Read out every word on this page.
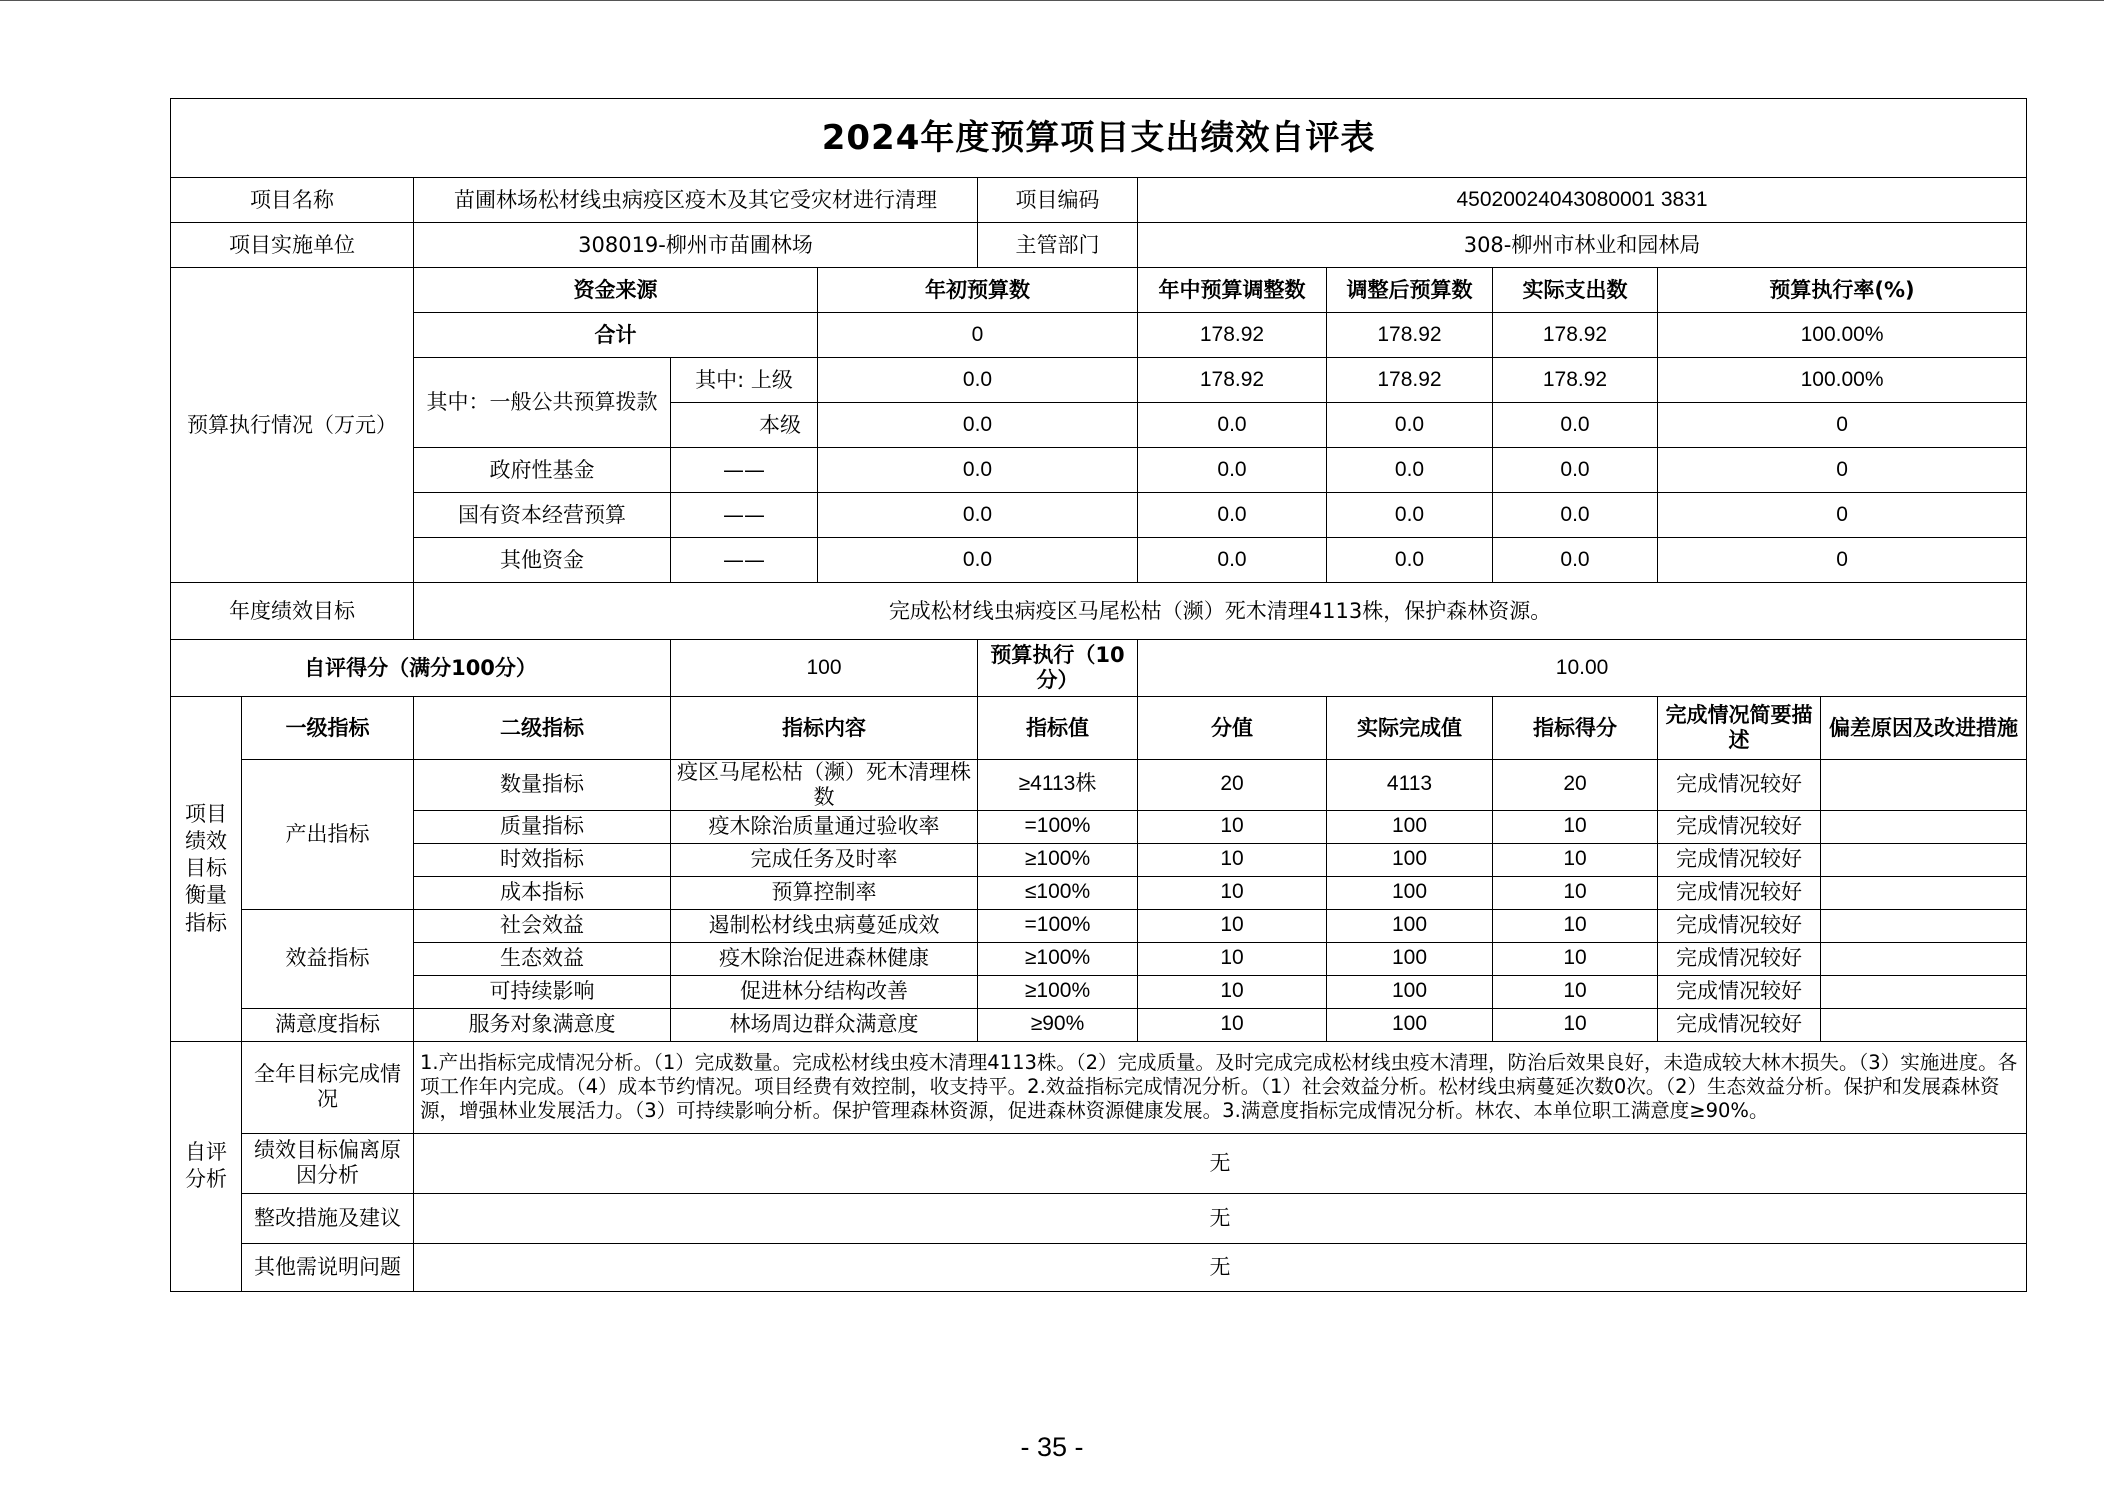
2024年度预算项目支出绩效自评表										
项目名称		苗圃林场松材线虫病疫区疫木及其它受灾材进行清理			项目编码	45020024043080001 3831				
项目实施单位		308019-柳州市苗圃林场			主管部门	308-柳州市林业和园林局				
预算执行情况（万元）		资金来源		年初预算数		年中预算调整数	调整后预算数	实际支出数	预算执行率(%)	
		合计		0		178.92	178.92	178.92	100.00%	
		其中：一般公共预算拨款	其中: 上级	0.0		178.92	178.92	178.92	100.00%	
			本级	0.0		0.0	0.0	0.0	0	
		政府性基金	——	0.0		0.0	0.0	0.0	0	
		国有资本经营预算	——	0.0		0.0	0.0	0.0	0	
		其他资金	——	0.0		0.0	0.0	0.0	0	
年度绩效目标		完成松材线虫病疫区马尾松枯（濒）死木清理4113株，保护森林资源。								
自评得分（满分100分）			100		预算执行（10分）	10.00				
项目绩效目标衡量指标	一级指标	二级指标	指标内容		指标值	分值	实际完成值	指标得分	完成情况简要描述	偏差原因及改进措施
	产出指标	数量指标	疫区马尾松枯（濒）死木清理株数		≥4113株	20	4113	20	完成情况较好	
		质量指标	疫木除治质量通过验收率		=100%	10	100	10	完成情况较好	
		时效指标	完成任务及时率		≥100%	10	100	10	完成情况较好	
		成本指标	预算控制率		≤100%	10	100	10	完成情况较好	
	效益指标	社会效益	遏制松材线虫病蔓延成效		=100%	10	100	10	完成情况较好	
		生态效益	疫木除治促进森林健康		≥100%	10	100	10	完成情况较好	
		可持续影响	促进林分结构改善		≥100%	10	100	10	完成情况较好	
	满意度指标	服务对象满意度	林场周边群众满意度		≥90%	10	100	10	完成情况较好	
自评分析	全年目标完成情况	1.产出指标完成情况分析。（1）完成数量。完成松材线虫疫木清理4113株。（2）完成质量。及时完成完成松材线虫疫木清理，防治后效果良好，未造成较大林木损失。（3）实施进度。各项工作年内完成。（4）成本节约情况。项目经费有效控制，收支持平。2.效益指标完成情况分析。（1）社会效益分析。松材线虫病蔓延次数0次。（2）生态效益分析。保护和发展森林资源，增强林业发展活力。（3）可持续影响分析。保护管理森林资源，促进森林资源健康发展。3.满意度指标完成情况分析。林农、本单位职工满意度≥90%。								
	绩效目标偏离原因分析	无								
	整改措施及建议	无								
	其他需说明问题	无								
- 35 -
